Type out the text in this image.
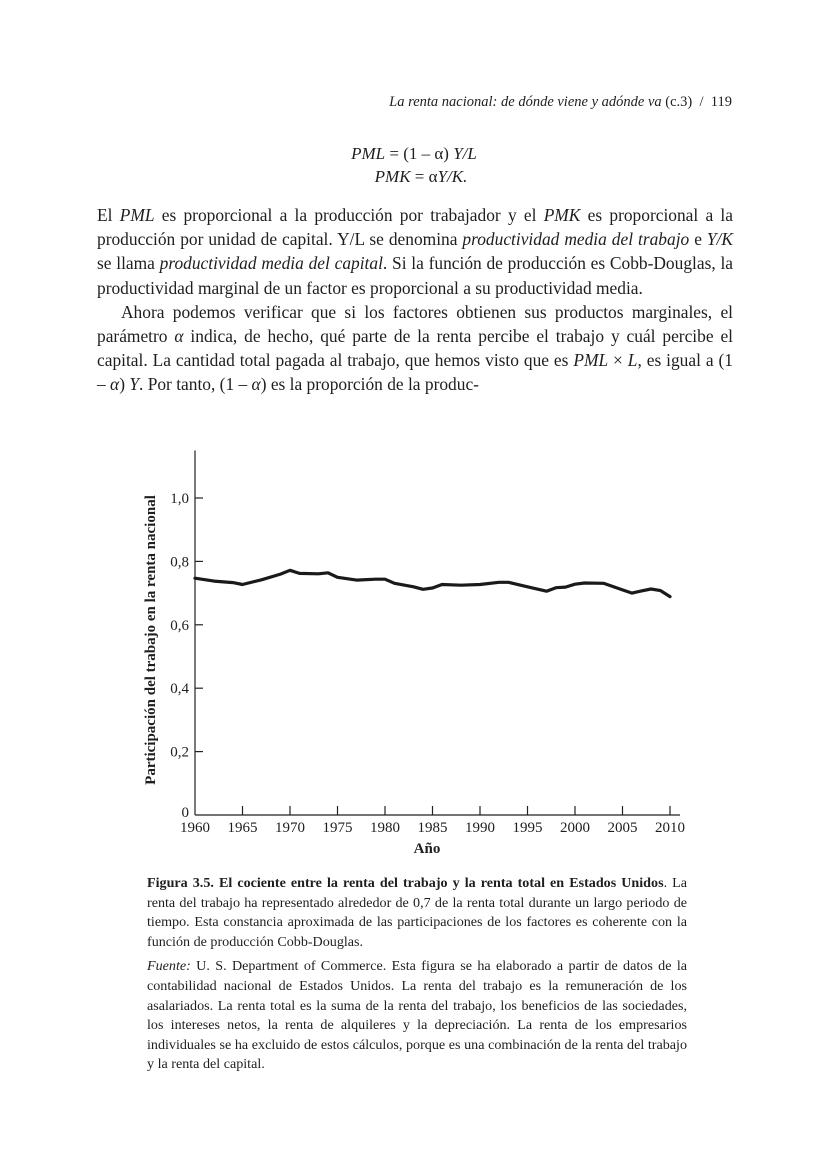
La renta nacional: de dónde viene y adónde va (c.3) / 119
PML = (1 – α) Y/L
PMK = αY/K.

El PML es proporcional a la producción por trabajador y el PMK es proporcional a la producción por unidad de capital. Y/L se denomina productividad media del trabajo e Y/K se llama productividad media del capital. Si la función de producción es Cobb-Douglas, la productividad marginal de un factor es proporcional a su productividad media.

Ahora podemos verificar que si los factores obtienen sus productos marginales, el parámetro α indica, de hecho, qué parte de la renta percibe el trabajo y cuál percibe el capital. La cantidad total pagada al trabajo, que hemos visto que es PML × L, es igual a (1 – α) Y. Por tanto, (1 – α) es la proporción de la produc-

0
0,2
0,4
0,6
0,8
1,0
1960 1965 1970 1975 1980 1985 1990 1995 2000 2005 2010
Participación del trabajo en la renta nacional
Año

Figura 3.5. El cociente entre la renta del trabajo y la renta total en Estados Unidos. La renta del trabajo ha representado alrededor de 0,7 de la renta total durante un largo periodo de tiempo. Esta constancia aproximada de las participaciones de los factores es coherente con la función de producción Cobb-Douglas.

Fuente: U. S. Department of Commerce. Esta figura se ha elaborado a partir de datos de la contabilidad nacional de Estados Unidos. La renta del trabajo es la remuneración de los asalariados. La renta total es la suma de la renta del trabajo, los beneficios de las sociedades, los intereses netos, la renta de alquileres y la depreciación. La renta de los empresarios individuales se ha excluido de estos cálculos, porque es una combinación de la renta del trabajo y la renta del capital.
